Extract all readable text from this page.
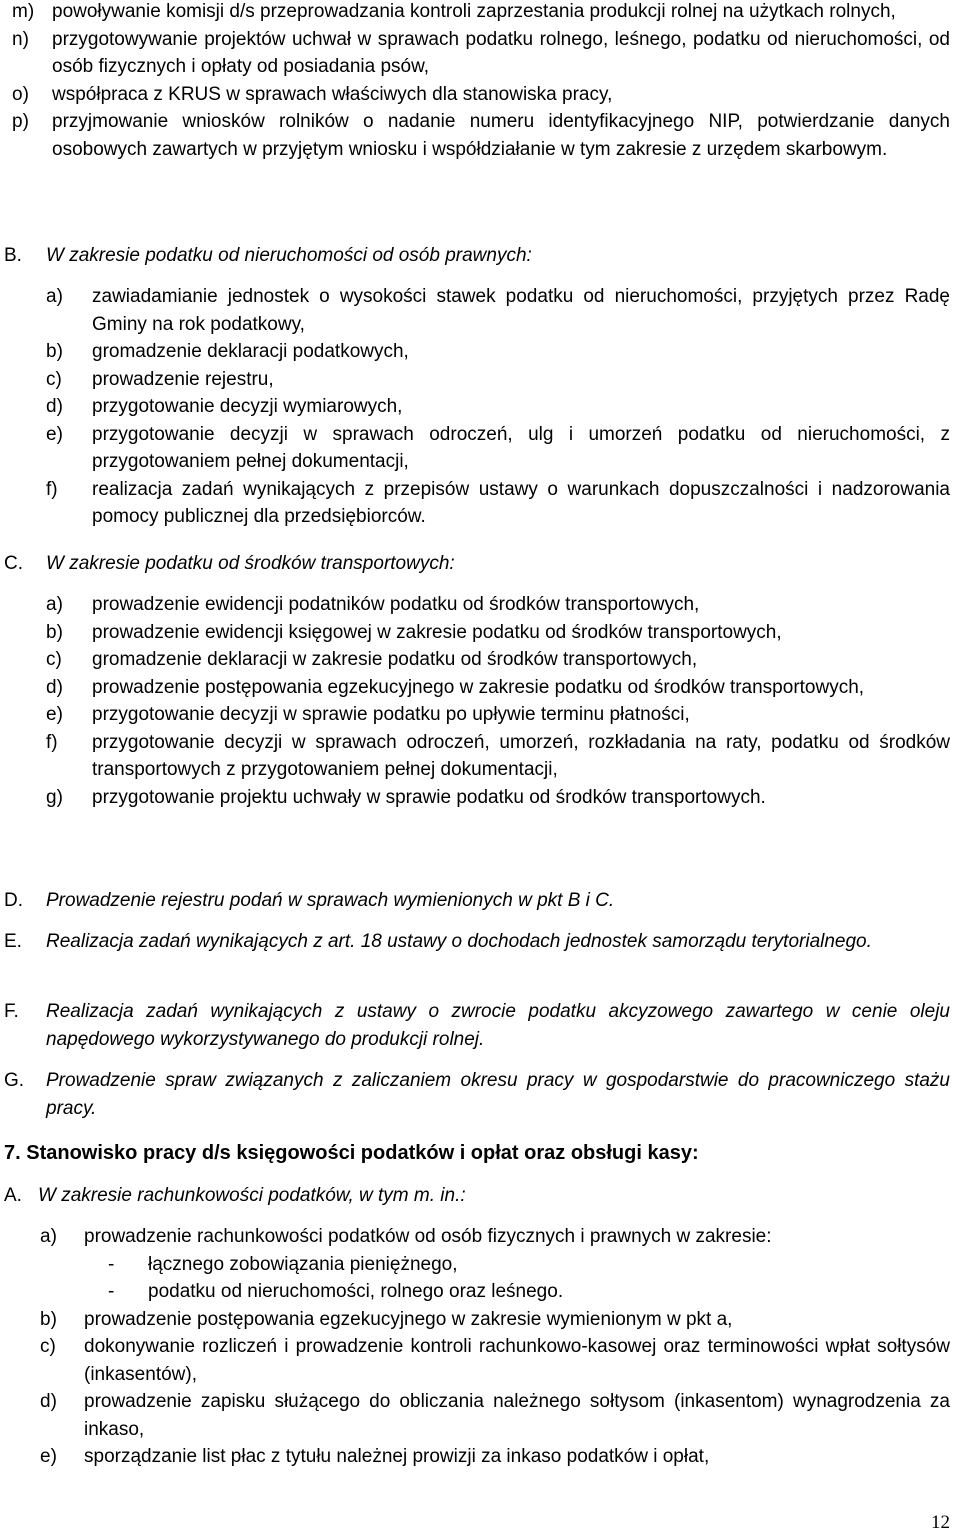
m) powoływanie komisji d/s przeprowadzania kontroli zaprzestania produkcji rolnej na użytkach rolnych,
n)	przygotowywanie projektów uchwał w sprawach podatku rolnego, leśnego, podatku od nieruchomości, od osób fizycznych i opłaty od posiadania psów,
o)	współpraca z KRUS w sprawach właściwych dla stanowiska pracy,
p)	przyjmowanie wniosków rolników o nadanie numeru identyfikacyjnego NIP, potwierdzanie danych osobowych zawartych w przyjętym wniosku i współdziałanie w tym zakresie z urzędem skarbowym.
B.	W zakresie podatku od nieruchomości od osób prawnych:
a)	zawiadamianie jednostek o wysokości stawek podatku od nieruchomości, przyjętych przez Radę Gminy na rok podatkowy,
b)	gromadzenie deklaracji podatkowych,
c)	prowadzenie rejestru,
d)	przygotowanie decyzji wymiarowych,
e)	przygotowanie decyzji w sprawach odroczeń, ulg i umorzeń podatku od nieruchomości, z przygotowaniem pełnej dokumentacji,
f)	realizacja zadań wynikających z przepisów ustawy o warunkach dopuszczalności i nadzorowania pomocy publicznej dla przedsiębiorców.
C.	W zakresie podatku od środków transportowych:
a)	prowadzenie ewidencji podatników podatku od środków transportowych,
b)	prowadzenie ewidencji księgowej w zakresie podatku od środków transportowych,
c)	gromadzenie deklaracji w zakresie podatku od środków transportowych,
d)	prowadzenie postępowania egzekucyjnego w zakresie podatku od środków transportowych,
e)	przygotowanie decyzji w sprawie podatku po upływie terminu płatności,
f)	przygotowanie decyzji w sprawach odroczeń, umorzeń, rozkładania na raty, podatku od środków transportowych z przygotowaniem pełnej dokumentacji,
g)	przygotowanie projektu uchwały w sprawie podatku od środków transportowych.
D.	Prowadzenie rejestru podań w sprawach wymienionych w pkt B i C.
E.	Realizacja zadań wynikających z art. 18 ustawy o dochodach jednostek samorządu terytorialnego.
F.	Realizacja zadań wynikających z ustawy o zwrocie podatku akcyzowego zawartego w cenie oleju napędowego wykorzystywanego do produkcji rolnej.
G.	Prowadzenie spraw związanych z zaliczaniem okresu pracy w gospodarstwie do pracowniczego stażu pracy.
7. Stanowisko pracy d/s księgowości podatków i opłat oraz obsługi kasy:
A. W zakresie rachunkowości podatków, w tym m. in.:
a)	prowadzenie rachunkowości podatków od osób fizycznych i prawnych w zakresie:
-	łącznego zobowiązania pieniężnego,
-	podatku od nieruchomości, rolnego oraz leśnego.
b)	prowadzenie postępowania egzekucyjnego w zakresie wymienionym w pkt a,
c)	dokonywanie rozliczeń i prowadzenie kontroli rachunkowo-kasowej oraz terminowości wpłat sołtysów (inkasentów),
d)	prowadzenie zapisku służącego do obliczania należnego sołtysom (inkasentom) wynagrodzenia za inkaso,
e)	sporządzanie list płac z tytułu należnej prowizji za inkaso podatków i opłat,
12
